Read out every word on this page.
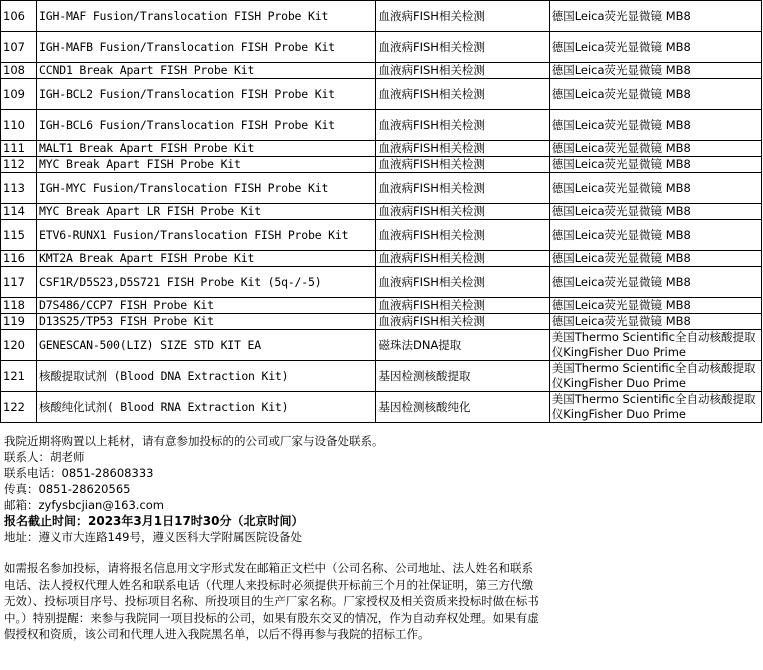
106	IGH-MAF Fusion/Translocation FISH Probe Kit	血液病FISH相关检测	德国Leica荧光显微镜 MB8
107	IGH-MAFB Fusion/Translocation FISH Probe Kit	血液病FISH相关检测	德国Leica荧光显微镜 MB8
108	CCND1 Break Apart FISH Probe Kit	血液病FISH相关检测	德国Leica荧光显微镜 MB8
109	IGH-BCL2 Fusion/Translocation FISH Probe Kit	血液病FISH相关检测	德国Leica荧光显微镜 MB8
110	IGH-BCL6 Fusion/Translocation FISH Probe Kit	血液病FISH相关检测	德国Leica荧光显微镜 MB8
111	MALT1 Break Apart FISH Probe Kit	血液病FISH相关检测	德国Leica荧光显微镜 MB8
112	MYC Break Apart FISH Probe Kit	血液病FISH相关检测	德国Leica荧光显微镜 MB8
113	IGH-MYC Fusion/Translocation FISH Probe Kit	血液病FISH相关检测	德国Leica荧光显微镜 MB8
114	MYC Break Apart LR FISH Probe Kit	血液病FISH相关检测	德国Leica荧光显微镜 MB8
115	ETV6-RUNX1 Fusion/Translocation FISH Probe Kit	血液病FISH相关检测	德国Leica荧光显微镜 MB8
116	KMT2A Break Apart FISH Probe Kit	血液病FISH相关检测	德国Leica荧光显微镜 MB8
117	CSF1R/D5S23,D5S721 FISH Probe Kit (5q-/-5)	血液病FISH相关检测	德国Leica荧光显微镜 MB8
118	D7S486/CCP7 FISH Probe Kit	血液病FISH相关检测	德国Leica荧光显微镜 MB8
119	D13S25/TP53 FISH Probe Kit	血液病FISH相关检测	德国Leica荧光显微镜 MB8
120	GENESCAN-500(LIZ) SIZE STD KIT EA	磁珠法DNA提取	美国Thermo Scientific全自动核酸提取仪KingFisher Duo Prime
121	核酸提取试剂 (Blood DNA Extraction Kit)	基因检测核酸提取	美国Thermo Scientific全自动核酸提取仪KingFisher Duo Prime
122	核酸纯化试剂( Blood RNA Extraction Kit)	基因检测核酸纯化	美国Thermo Scientific全自动核酸提取仪KingFisher Duo Prime
我院近期将购置以上耗材，请有意参加投标的的公司或厂家与设备处联系。
联系人：胡老师
联系电话：0851-28608333
传真：0851-28620565
邮箱：zyfysbcjian@163.com
报名截止时间：2023年3月1日17时30分（北京时间）
地址：遵义市大连路149号，遵义医科大学附属医院设备处
如需报名参加投标，请将报名信息用文字形式发在邮箱正文栏中（公司名称、公司地址、法人姓名和联系电话、法人授权代理人姓名和联系电话（代理人来投标时必须提供开标前三个月的社保证明，第三方代缴无效）、投标项目序号、投标项目名称、所投项目的生产厂家名称。厂家授权及相关资质来投标时做在标书中。）特别提醒：来参与我院同一项目投标的公司，如果有股东交叉的情况，作为自动弃权处理。如果有虚假授权和资质，该公司和代理人进入我院黑名单，以后不得再参与我院的招标工作。
